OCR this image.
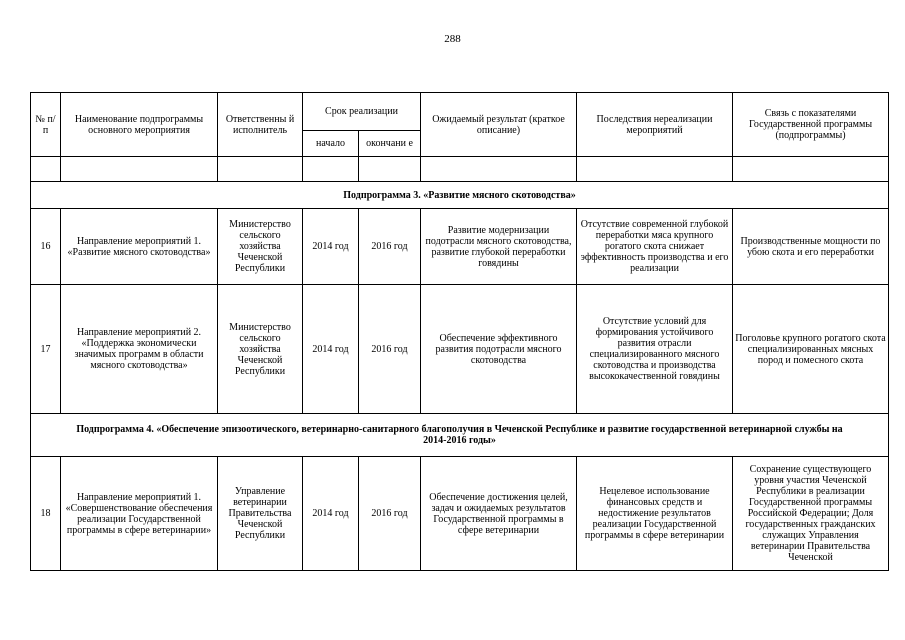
288
№ п/п	Наименование подпрограммы основного мероприятия	Ответственны й исполнитель	Срок реализации		Ожидаемый результат (краткое описание)	Последствия нереализации мероприятий	Связь с показателями Государственной программы (подпрограммы)
			начало	окончани е			

Подпрограмма 3. «Развитие мясного скотоводства»							
16	Направление мероприятий 1. «Развитие мясного скотоводства»	Министерство сельского хозяйства Чеченской Республики	2014 год	2016 год	Развитие модернизации подотрасли мясного скотоводства, развитие глубокой переработки говядины	Отсутствие современной глубокой переработки мяса крупного рогатого скота снижает эффективность производства и его реализации	Производственные мощности по убою скота и его переработки
17	Направление мероприятий 2. «Поддержка экономически значимых программ в области мясного скотоводства»	Министерство сельского хозяйства Чеченской Республики	2014 год	2016 год	Обеспечение эффективного развития подотрасли мясного скотоводства	Отсутствие условий для формирования устойчивого развития отрасли специализированного мясного скотоводства и производства высококачественной говядины	Поголовье крупного рогатого скота специализированных мясных пород и помесного скота
Подпрограмма 4. «Обеспечение эпизоотического, ветеринарно-санитарного благополучия в Чеченской Республике и развитие государственной ветеринарной службы на 2014-2016 годы»							
18	Направление мероприятий 1. «Совершенствование обеспечения реализации Государственной программы в сфере ветеринарии»	Управление ветеринарии Правительства Чеченской Республики	2014 год	2016 год	Обеспечение достижения целей, задач и ожидаемых результатов Государственной программы в сфере ветеринарии	Нецелевое использование финансовых средств и недостижение результатов реализации Государственной программы в сфере ветеринарии	Сохранение существующего уровня участия Чеченской Республики в реализации Государственной программы Российской Федерации; Доля государственных гражданских служащих Управления ветеринарии Правительства Чеченской
